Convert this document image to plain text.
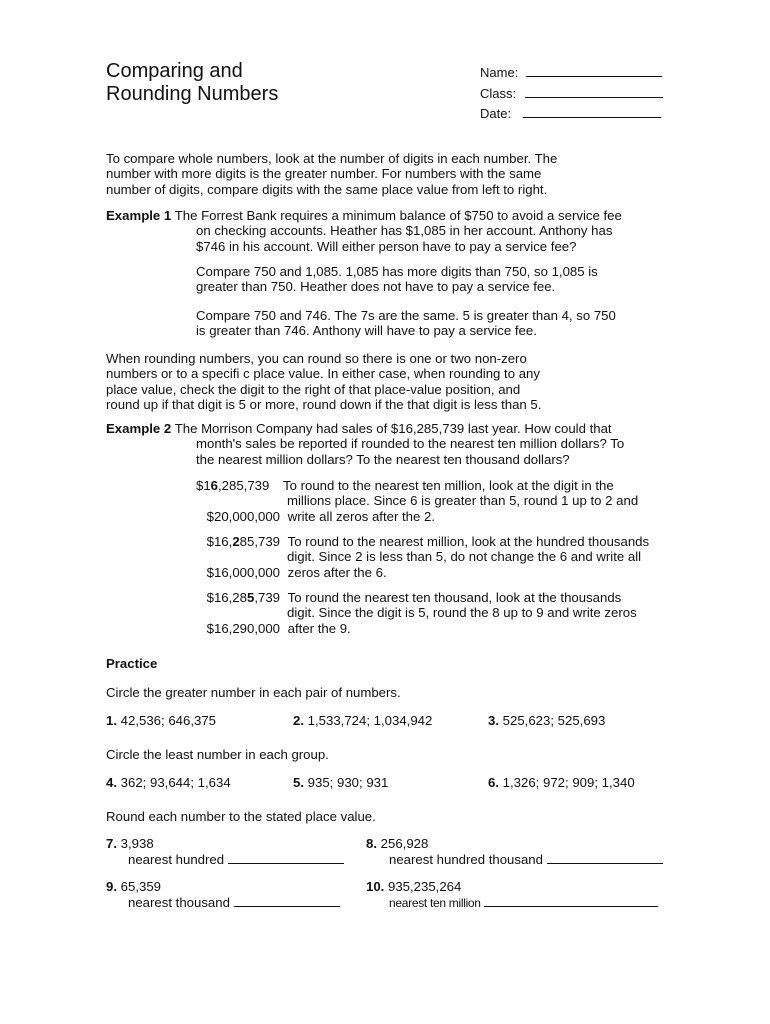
Comparing and
Rounding Numbers
Name:
Class:
Date:
To compare whole numbers, look at the number of digits in each number. The
number with more digits is the greater number. For numbers with the same
number of digits, compare digits with the same place value from left to right.
Example 1 The Forrest Bank requires a minimum balance of $750 to avoid a service fee
on checking accounts. Heather has $1,085 in her account. Anthony has
$746 in his account. Will either person have to pay a service fee?
Compare 750 and 1,085. 1,085 has more digits than 750, so 1,085 is
greater than 750. Heather does not have to pay a service fee.
Compare 750 and 746. The 7s are the same. 5 is greater than 4, so 750
is greater than 746. Anthony will have to pay a service fee.
When rounding numbers, you can round so there is one or two non-zero
numbers or to a specifi c place value. In either case, when rounding to any
place value, check the digit to the right of that place-value position, and
round up if that digit is 5 or more, round down if the that digit is less than 5.
Example 2 The Morrison Company had sales of $16,285,739 last year. How could that
month's sales be reported if rounded to the nearest ten million dollars? To
the nearest million dollars? To the nearest ten thousand dollars?
$16,285,739 To round to the nearest ten million, look at the digit in the
millions place. Since 6 is greater than 5, round 1 up to 2 and
$20,000,000 write all zeros after the 2.
$16,285,739 To round to the nearest million, look at the hundred thousands
digit. Since 2 is less than 5, do not change the 6 and write all
$16,000,000 zeros after the 6.
$16,285,739 To round the nearest ten thousand, look at the thousands
digit. Since the digit is 5, round the 8 up to 9 and write zeros
$16,290,000 after the 9.
Practice
Circle the greater number in each pair of numbers.
1. 42,536; 646,375	2. 1,533,724; 1,034,942	3. 525,623; 525,693
Circle the least number in each group.
4. 362; 93,644; 1,634	5. 935; 930; 931	6. 1,326; 972; 909; 1,340
Round each number to the stated place value.
7. 3,938
nearest hundred
8. 256,928
nearest hundred thousand
9. 65,359
nearest thousand
10. 935,235,264
nearest ten million
